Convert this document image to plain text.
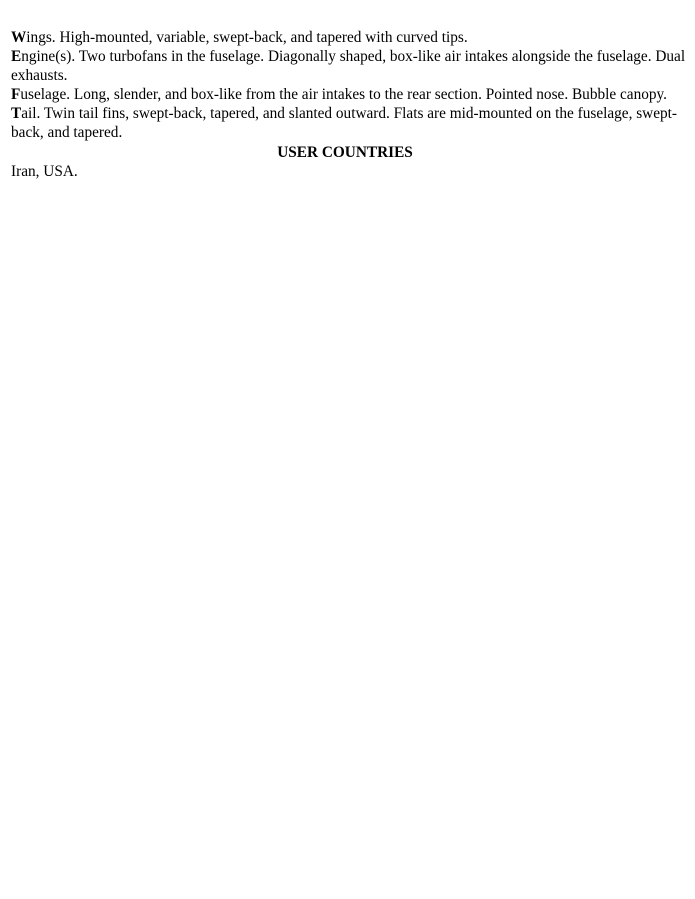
Wings. High-mounted, variable, swept-back, and tapered with curved tips.

Engine(s). Two turbofans in the fuselage. Diagonally shaped, box-like air intakes alongside the fuselage. Dual exhausts.

Fuselage. Long, slender, and box-like from the air intakes to the rear section. Pointed nose. Bubble canopy.

Tail. Twin tail fins, swept-back, tapered, and slanted outward. Flats are mid-mounted on the fuselage, swept-back, and tapered.

USER COUNTRIES

Iran, USA.
